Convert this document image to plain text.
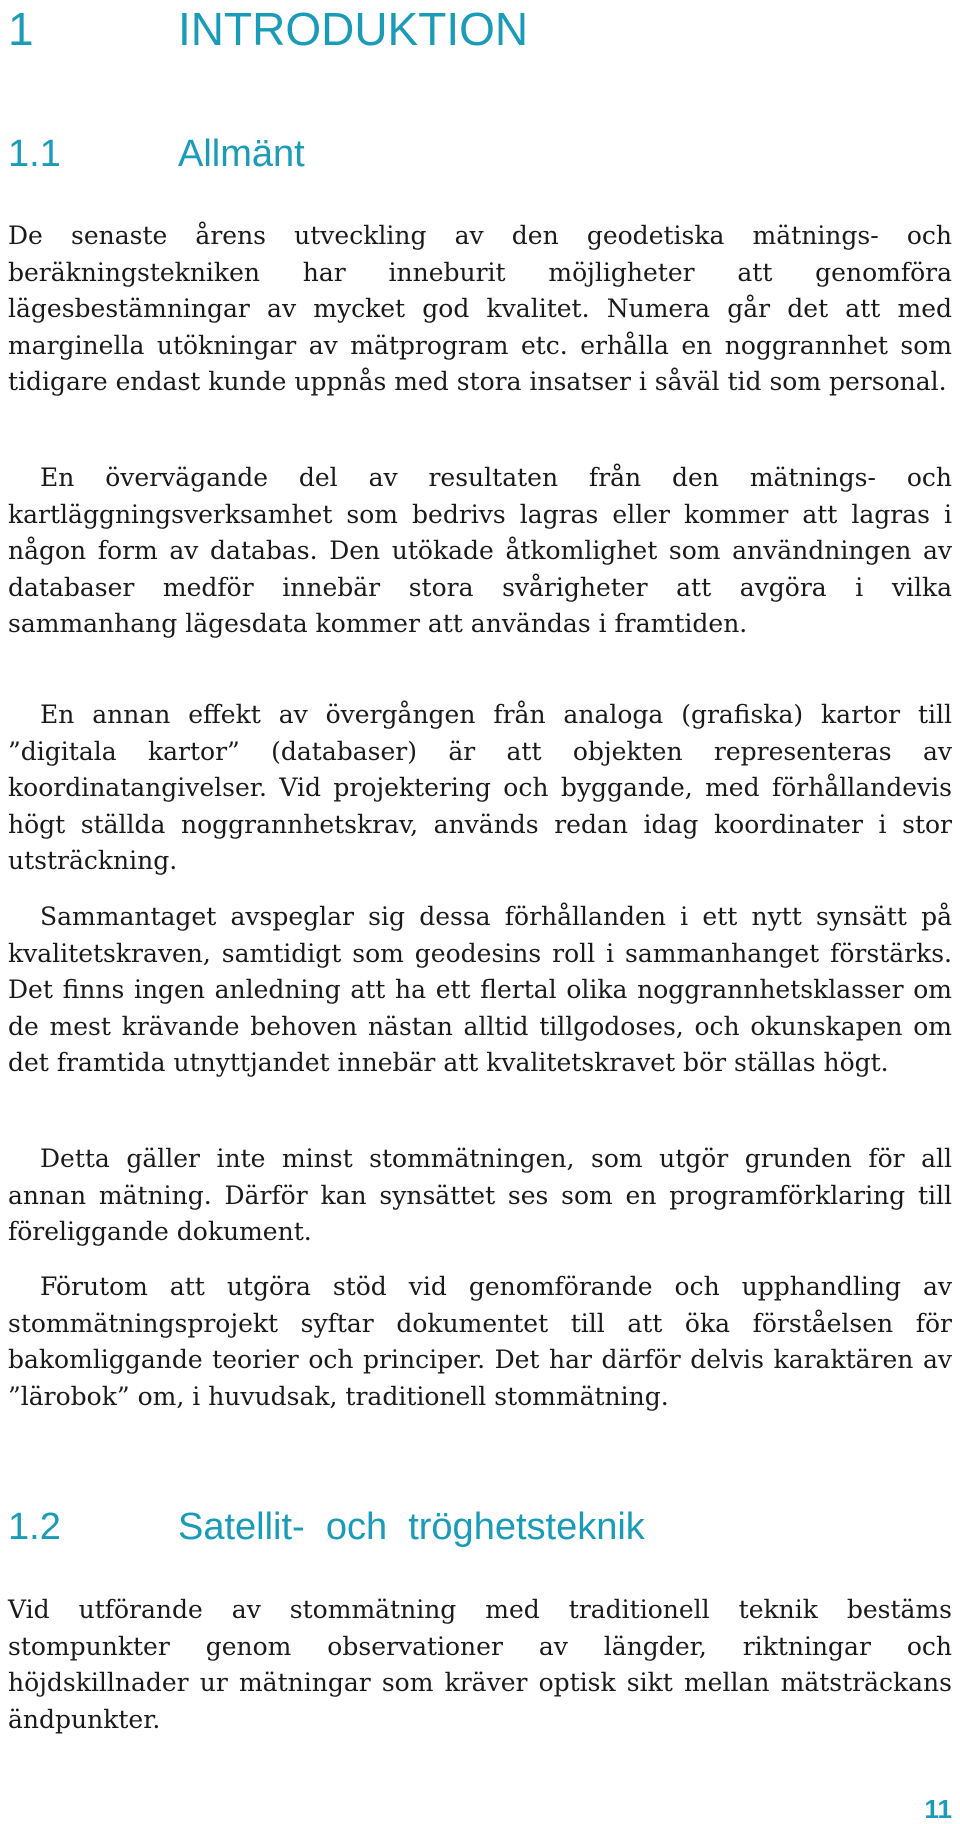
1	INTRODUKTION
1.1	Allmänt

De senaste årens utveckling av den geodetiska mätnings- och beräkningstekniken har inneburit möjligheter att genomföra lägesbestämningar av mycket god kvalitet. Numera går det att med marginella utökningar av mätprogram etc. erhålla en noggrannhet som tidigare endast kunde uppnås med stora insatser i såväl tid som personal.

En övervägande del av resultaten från den mätnings- och kartläggningsverksamhet som bedrivs lagras eller kommer att lagras i någon form av databas. Den utökade åtkomlighet som användningen av databaser medför innebär stora svårigheter att avgöra i vilka sammanhang lägesdata kommer att användas i framtiden.

En annan effekt av övergången från analoga (grafiska) kartor till ”digitala kartor” (databaser) är att objekten representeras av koordinatangivelser. Vid projektering och byggande, med förhållandevis högt ställda noggrannhetskrav, används redan idag koordinater i stor utsträckning.

Sammantaget avspeglar sig dessa förhållanden i ett nytt synsätt på kvalitetskraven, samtidigt som geodesins roll i sammanhanget förstärks. Det finns ingen anledning att ha ett flertal olika noggrannhetsklasser om de mest krävande behoven nästan alltid tillgodoses, och okunskapen om det framtida utnyttjandet innebär att kvalitetskravet bör ställas högt.

Detta gäller inte minst stommätningen, som utgör grunden för all annan mätning. Därför kan synsättet ses som en programförklaring till föreliggande dokument.

Förutom att utgöra stöd vid genomförande och upphandling av stommätningsprojekt syftar dokumentet till att öka förståelsen för bakomliggande teorier och principer. Det har därför delvis karaktären av ”lärobok” om, i huvudsak, traditionell stommätning.

1.2	Satellit-  och  tröghetsteknik

Vid utförande av stommätning med traditionell teknik bestäms stompunkter genom observationer av längder, riktningar och höjdskillnader ur mätningar som kräver optisk sikt mellan mätsträckans ändpunkter.

11
